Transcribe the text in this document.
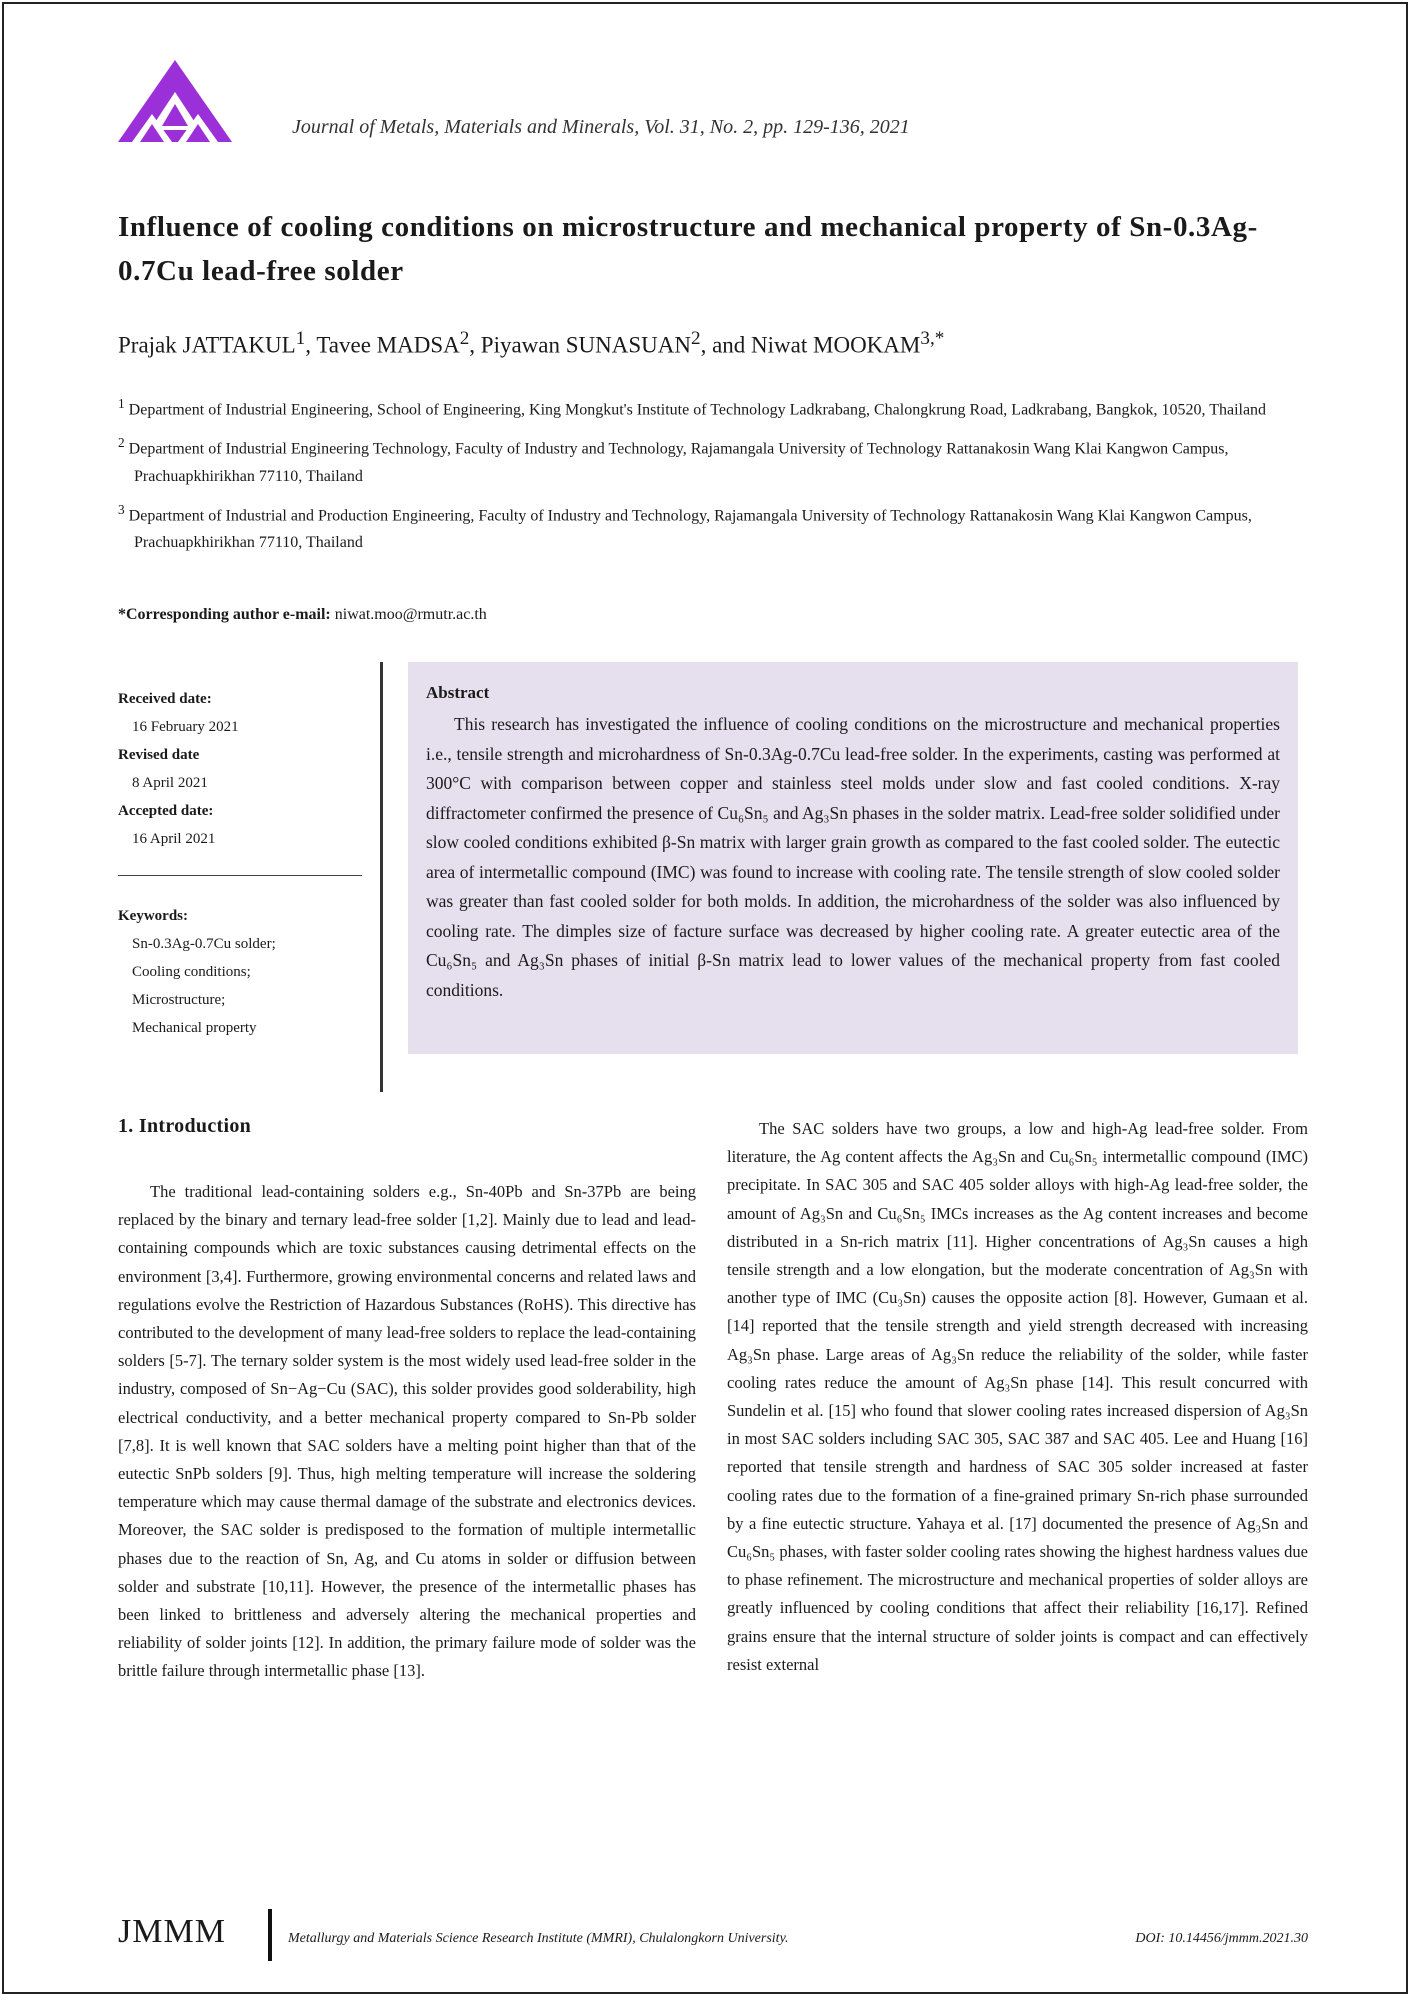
Journal of Metals, Materials and Minerals, Vol. 31, No. 2, pp. 129-136, 2021
Influence of cooling conditions on microstructure and mechanical property of Sn-0.3Ag-0.7Cu lead-free solder
Prajak JATTAKUL$^1$, Tavee MADSA$^2$, Piyawan SUNASUAN$^2$, and Niwat $MOOKAM^{3,*}$
$^1$ Department of Industrial Engineering, School of Engineering, King Mongkut's Institute of Technology Ladkrabang, Chalongkrung Road, Ladkrabang, Bangkok, 10520, Thailand
$^2$ Department of Industrial Engineering Technology, Faculty of Industry and Technology, Rajamangala University of Technology Rattanakosin Wang Klai Kangwon Campus, Prachuapkhirikhan 77110, Thailand
$^3$ Department of Industrial and Production Engineering, Faculty of Industry and Technology, Rajamangala University of Technology Rattanakosin Wang Klai Kangwon Campus, Prachuapkhirikhan 77110, Thailand
*Corresponding author e-mail: niwat.moo@rmutr.ac.th
Received date:
16 February 2021
Revised date
8 April 2021
Accepted date:
16 April 2021
Keywords:
Sn-0.3Ag-0.7Cu solder;
Cooling conditions;
Microstructure;
Mechanical property
Abstract

This research has investigated the influence of cooling conditions on the microstructure and mechanical properties i.e., tensile strength and microhardness of Sn-0.3Ag-0.7Cu lead-free solder. In the experiments, casting was performed at 300°C with comparison between copper and stainless steel molds under slow and fast cooled conditions. X-ray diffractometer confirmed the presence of Cu₆Sn₅ and Ag₃Sn phases in the solder matrix. Lead-free solder solidified under slow cooled conditions exhibited β-Sn matrix with larger grain growth as compared to the fast cooled solder. The eutectic area of intermetallic compound (IMC) was found to increase with cooling rate. The tensile strength of slow cooled solder was greater than fast cooled solder for both molds. In addition, the microhardness of the solder was also influenced by cooling rate. The dimples size of facture surface was decreased by higher cooling rate. A greater eutectic area of the Cu₆Sn₅ and Ag₃Sn phases of initial β-Sn matrix lead to lower values of the mechanical property from fast cooled conditions.

1. Introduction

The traditional lead-containing solders e.g., Sn-40Pb and Sn-37Pb are being replaced by the binary and ternary lead-free solder [1,2]. Mainly due to lead and lead-containing compounds which are toxic substances causing detrimental effects on the environment [3,4]. Furthermore, growing environmental concerns and related laws and regulations evolve the Restriction of Hazardous Substances (RoHS). This directive has contributed to the development of many lead-free solders to replace the lead-containing solders [5-7]. The ternary solder system is the most widely used lead-free solder in the industry, composed of Sn−Ag−Cu (SAC), this solder provides good solderability, high electrical conductivity, and a better mechanical property compared to Sn-Pb solder [7,8]. It is well known that SAC solders have a melting point higher than that of the eutectic SnPb solders [9]. Thus, high melting temperature will increase the soldering temperature which may cause thermal damage of the substrate and electronics devices. Moreover, the SAC solder is predisposed to the formation of multiple intermetallic phases due to the reaction of Sn, Ag, and Cu atoms in solder or diffusion between solder and substrate [10,11]. However, the presence of the intermetallic phases has been linked to brittleness and adversely altering the mechanical properties and reliability of solder joints [12]. In addition, the primary failure mode of solder was the brittle failure through intermetallic phase [13].

The SAC solders have two groups, a low and high-Ag lead-free solder. From literature, the Ag content affects the Ag₃Sn and Cu₆Sn₅ intermetallic compound (IMC) precipitate. In SAC 305 and SAC 405 solder alloys with high-Ag lead-free solder, the amount of Ag₃Sn and Cu₆Sn₅ IMCs increases as the Ag content increases and become distributed in a Sn-rich matrix [11]. Higher concentrations of Ag₃Sn causes a high tensile strength and a low elongation, but the moderate concentration of Ag₃Sn with another type of IMC (Cu₃Sn) causes the opposite action [8]. However, Gumaan et al. [14] reported that the tensile strength and yield strength decreased with increasing Ag₃Sn phase. Large areas of Ag₃Sn reduce the reliability of the solder, while faster cooling rates reduce the amount of Ag₃Sn phase [14]. This result concurred with Sundelin et al. [15] who found that slower cooling rates increased dispersion of Ag₃Sn in most SAC solders including SAC 305, SAC 387 and SAC 405. Lee and Huang [16] reported that tensile strength and hardness of SAC 305 solder increased at faster cooling rates due to the formation of a fine-grained primary Sn-rich phase surrounded by a fine eutectic structure. Yahaya et al. [17] documented the presence of Ag₃Sn and Cu₆Sn₅ phases, with faster solder cooling rates showing the highest hardness values due to phase refinement. The microstructure and mechanical properties of solder alloys are greatly influenced by cooling conditions that affect their reliability [16,17]. Refined grains ensure that the internal structure of solder joints is compact and can effectively resist external

JMMM	Metallurgy and Materials Science Research Institute (MMRI), Chulalongkorn University.	DOI: 10.14456/jmmm.2021.30
